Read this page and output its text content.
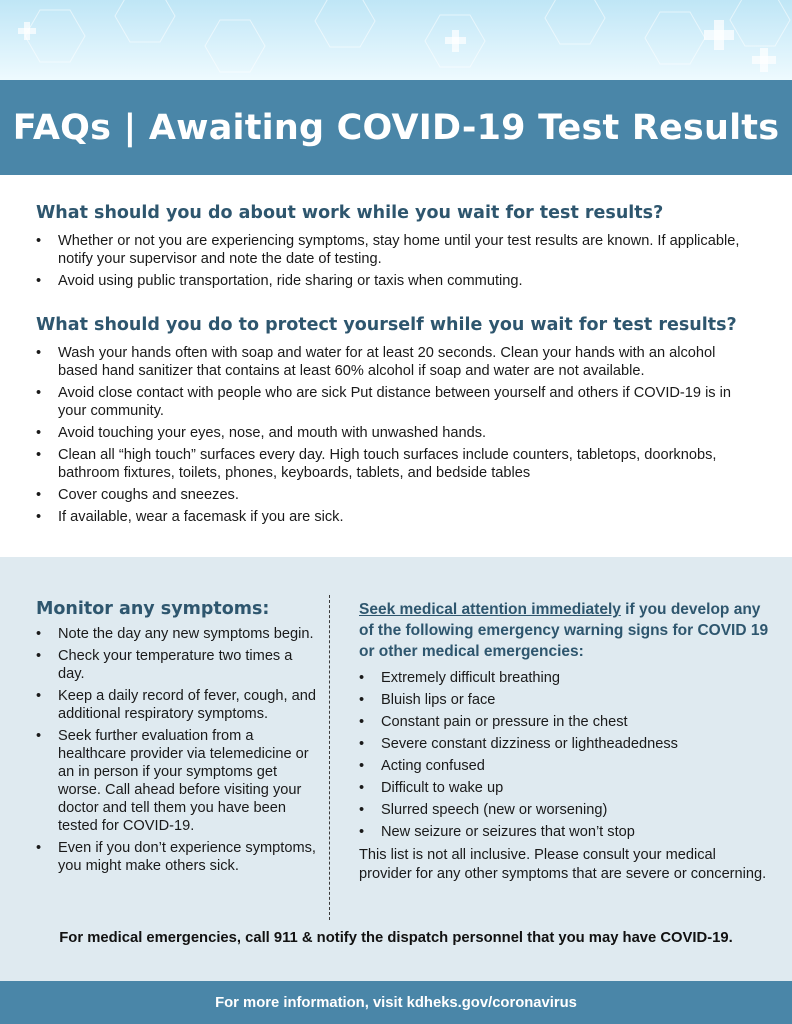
FAQs | Awaiting COVID-19 Test Results
What should you do about work while you wait for test results?
• Whether or not you are experiencing symptoms, stay home until your test results are known. If applicable, notify your supervisor and note the date of testing.
• Avoid using public transportation, ride sharing or taxis when commuting.
What should you do to protect yourself while you wait for test results?
• Wash your hands often with soap and water for at least 20 seconds. Clean your hands with an alcohol based hand sanitizer that contains at least 60% alcohol if soap and water are not available.
• Avoid close contact with people who are sick Put distance between yourself and others if COVID-19 is in your community.
• Avoid touching your eyes, nose, and mouth with unwashed hands.
• Clean all “high touch” surfaces every day. High touch surfaces include counters, tabletops, doorknobs, bathroom fixtures, toilets, phones, keyboards, tablets, and bedside tables
• Cover coughs and sneezes.
• If available, wear a facemask if you are sick.
Monitor any symptoms:
• Note the day any new symptoms begin.
• Check your temperature two times a day.
• Keep a daily record of fever, cough, and additional respiratory symptoms.
• Seek further evaluation from a healthcare provider via telemedicine or an in person if your symptoms get worse. Call ahead before visiting your doctor and tell them you have been tested for COVID-19.
• Even if you don’t experience symptoms, you might make others sick.

Seek medical attention immediately if you develop any of the following emergency warning signs for COVID 19 or other medical emergencies:

• Extremely difficult breathing
• Bluish lips or face
• Constant pain or pressure in the chest
• Severe constant dizziness or lightheadedness
• Acting confused
• Difficult to wake up
• Slurred speech (new or worsening)
• New seizure or seizures that won’t stop

This list is not all inclusive. Please consult your medical provider for any other symptoms that are severe or concerning.

For medical emergencies, call 911 & notify the dispatch personnel that you may have COVID-19.
For more information, visit kdheks.gov/coronavirus
